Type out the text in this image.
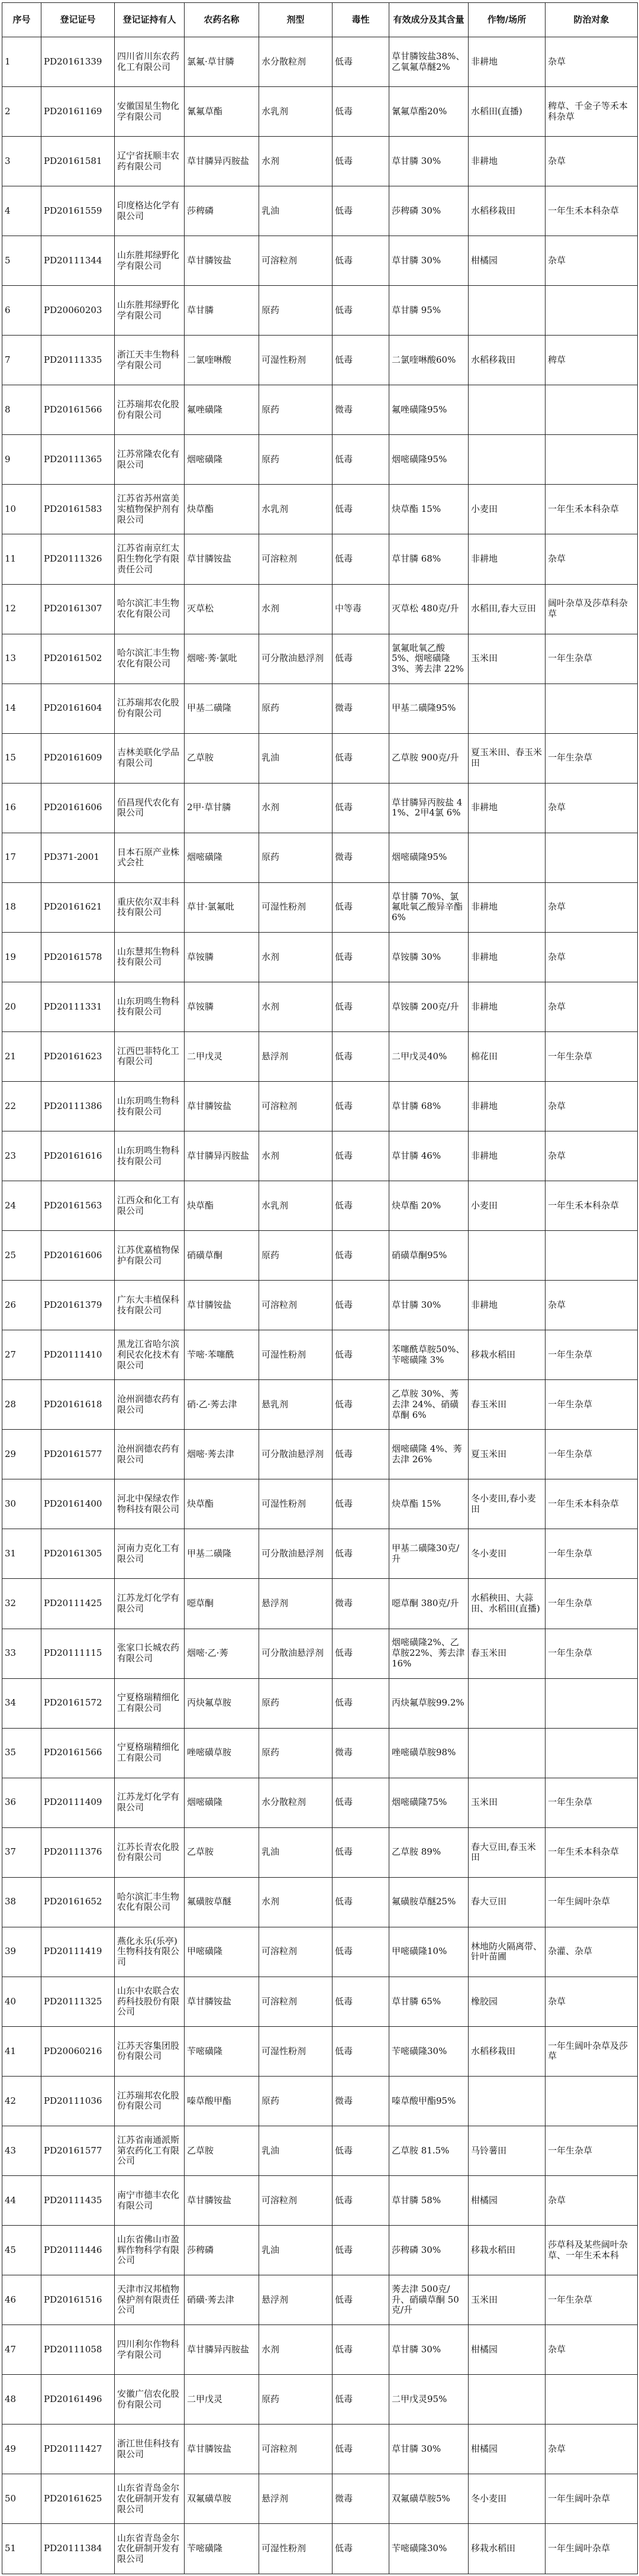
序号	登记证号	登记证持有人	农药名称	剂型	毒性	有效成分及其含量	作物/场所	防治对象
1	PD20161339	四川省川东农药化工有限公司	氯氟·草甘膦	水分散粒剂	低毒	草甘膦铵盐38%、乙氧氟草醚2%	非耕地	杂草
2	PD20161169	安徽国星生物化学有限公司	氰氟草酯	水乳剂	低毒	氰氟草酯20%	水稻田(直播)	稗草、千金子等禾本科杂草
3	PD20161581	辽宁省抚顺丰农药有限公司	草甘膦异丙胺盐	水剂	低毒	草甘膦 30%	非耕地	杂草
4	PD20161559	印度格达化学有限公司	莎稗磷	乳油	低毒	莎稗磷 30%	水稻移栽田	一年生禾本科杂草
5	PD20111344	山东胜邦绿野化学有限公司	草甘膦铵盐	可溶粒剂	低毒	草甘膦 30%	柑橘园	杂草
6	PD20060203	山东胜邦绿野化学有限公司	草甘膦	原药	低毒	草甘膦 95%		
7	PD20111335	浙江天丰生物科学有限公司	二氯喹啉酸	可湿性粉剂	低毒	二氯喹啉酸60%	水稻移栽田	稗草
8	PD20161566	江苏瑞邦农化股份有限公司	氟唑磺隆	原药	微毒	氟唑磺隆95%		
9	PD20111365	江苏常隆农化有限公司	烟嘧磺隆	原药	低毒	烟嘧磺隆95%		
10	PD20161583	江苏省苏州富美实植物保护剂有限公司	炔草酯	水乳剂	低毒	炔草酯 15%	小麦田	一年生禾本科杂草
11	PD20111326	江苏省南京红太阳生物化学有限责任公司	草甘膦铵盐	可溶粒剂	低毒	草甘膦 68%	非耕地	杂草
12	PD20161307	哈尔滨汇丰生物农化有限公司	灭草松	水剂	中等毒	灭草松 480克/升	水稻田,春大豆田	阔叶杂草及莎草科杂草
13	PD20161502	哈尔滨汇丰生物农化有限公司	烟嘧·莠·氯吡	可分散油悬浮剂	低毒	氯氟吡氧乙酸 5%、烟嘧磺隆 3%、莠去津 22%	玉米田	一年生杂草
14	PD20161604	江苏瑞邦农化股份有限公司	甲基二磺隆	原药	微毒	甲基二磺隆95%		
15	PD20161609	吉林美联化学品有限公司	乙草胺	乳油	低毒	乙草胺 900克/升	夏玉米田、春玉米田	一年生杂草
16	PD20161606	佰昌现代农化有限公司	2甲·草甘膦	水剂	低毒	草甘膦异丙胺盐 41%、2甲4氯 6%	非耕地	杂草
17	PD371-2001	日本石原产业株式会社	烟嘧磺隆	原药	微毒	烟嘧磺隆95%		
18	PD20161621	重庆依尔双丰科技有限公司	草甘·氯氟吡	可湿性粉剂	低毒	草甘膦 70%、氯氟吡氧乙酸异辛酯 6%	非耕地	杂草
19	PD20161578	山东慧邦生物科技有限公司	草铵膦	水剂	低毒	草铵膦 30%	非耕地	杂草
20	PD20111331	山东玥鸣生物科技有限公司	草铵膦	水剂	低毒	草铵膦 200克/升	非耕地	杂草
21	PD20161623	江西巴菲特化工有限公司	二甲戊灵	悬浮剂	低毒	二甲戊灵40%	棉花田	一年生杂草
22	PD20111386	山东玥鸣生物科技有限公司	草甘膦铵盐	可溶粒剂	低毒	草甘膦 68%	非耕地	杂草
23	PD20161616	山东玥鸣生物科技有限公司	草甘膦异丙胺盐	水剂	低毒	草甘膦 46%	非耕地	杂草
24	PD20161563	江西众和化工有限公司	炔草酯	水乳剂	低毒	炔草酯 20%	小麦田	一年生禾本科杂草
25	PD20161606	江苏优嘉植物保护有限公司	硝磺草酮	原药	低毒	硝磺草酮95%		
26	PD20161379	广东大丰植保科技有限公司	草甘膦铵盐	可溶粒剂	低毒	草甘膦 30%	非耕地	杂草
27	PD20111410	黑龙江省哈尔滨利民农化技术有限公司	苄嘧·苯噻酰	可湿性粉剂	低毒	苯噻酰草胺50%、苄嘧磺隆 3%	移栽水稻田	一年生杂草
28	PD20161618	沧州润德农药有限公司	硝·乙·莠去津	悬乳剂	低毒	乙草胺 30%、莠去津 24%、硝磺草酮 6%	春玉米田	一年生杂草
29	PD20161577	沧州润德农药有限公司	烟嘧·莠去津	可分散油悬浮剂	低毒	烟嘧磺隆 4%、莠去津 26%	夏玉米田	一年生杂草
30	PD20161400	河北中保绿农作物科技有限公司	炔草酯	可湿性粉剂	低毒	炔草酯 15%	冬小麦田,春小麦田	一年生禾本科杂草
31	PD20161305	河南力克化工有限公司	甲基二磺隆	可分散油悬浮剂	低毒	甲基二磺隆30克/升	冬小麦田	一年生杂草
32	PD20111425	江苏龙灯化学有限公司	噁草酮	悬浮剂	微毒	噁草酮 380克/升	水稻秧田、大蒜田、水稻田(直播)	一年生杂草
33	PD20111115	张家口长城农药有限公司	烟嘧·乙·莠	可分散油悬浮剂	低毒	烟嘧磺隆2%、乙草胺22%、莠去津 16%	春玉米田	一年生杂草
34	PD20161572	宁夏格瑞精细化工有限公司	丙炔氟草胺	原药	低毒	丙炔氟草胺99.2%		
35	PD20161566	宁夏格瑞精细化工有限公司	唑嘧磺草胺	原药	微毒	唑嘧磺草胺98%		
36	PD20111409	江苏龙灯化学有限公司	烟嘧磺隆	水分散粒剂	低毒	烟嘧磺隆75%	玉米田	一年生杂草
37	PD20111376	江苏长青农化股份有限公司	乙草胺	乳油	低毒	乙草胺 89%	春大豆田,春玉米田	一年生禾本科杂草
38	PD20161652	哈尔滨汇丰生物农化有限公司	氟磺胺草醚	水剂	低毒	氟磺胺草醚25%	春大豆田	一年生阔叶杂草
39	PD20111419	燕化永乐(乐亭)生物科技有限公司	甲嘧磺隆	可溶粒剂	低毒	甲嘧磺隆10%	林地防火隔离带、针叶苗圃	杂灌、杂草
40	PD20111325	山东中农联合农药科技股份有限公司	草甘膦铵盐	可溶粒剂	低毒	草甘膦 65%	橡胶园	杂草
41	PD20060216	江苏天容集团股份有限公司	苄嘧磺隆	可湿性粉剂	低毒	苄嘧磺隆30%	水稻移栽田	一年生阔叶杂草及莎草
42	PD20111036	江苏瑞邦农化股份有限公司	嗪草酸甲酯	原药	微毒	嗪草酸甲酯95%		
43	PD20161577	江苏省南通派斯第农药化工有限公司	乙草胺	乳油	低毒	乙草胺 81.5%	马铃薯田	一年生杂草
44	PD20111435	南宁市德丰农化有限公司	草甘膦铵盐	可溶粒剂	低毒	草甘膦 58%	柑橘园	杂草
45	PD20111446	山东省佛山市盈辉作物科学有限公司	莎稗磷	乳油	低毒	莎稗磷 30%	移栽水稻田	莎草科及某些阔叶杂草、一年生禾本科
46	PD20161516	天津市汉邦植物保护剂有限责任公司	硝磺·莠去津	悬浮剂	低毒	莠去津 500克/升、硝磺草酮 50克/升	玉米田	一年生杂草
47	PD20111058	四川利尔作物科学有限公司	草甘膦异丙胺盐	水剂	低毒	草甘膦 30%	柑橘园	杂草
48	PD20161496	安徽广信农化股份有限公司	二甲戊灵	原药	低毒	二甲戊灵95%		
49	PD20111427	浙江世佳科技有限公司	草甘膦铵盐	可溶粒剂	低毒	草甘膦 30%	柑橘园	杂草
50	PD20161625	山东省青岛金尔农化研制开发有限公司	双氟磺草胺	悬浮剂	微毒	双氟磺草胺5%	冬小麦田	一年生阔叶杂草
51	PD20111384	山东省青岛金尔农化研制开发有限公司	苄嘧磺隆	可湿性粉剂	低毒	苄嘧磺隆30%	移栽水稻田	一年生阔叶杂草
